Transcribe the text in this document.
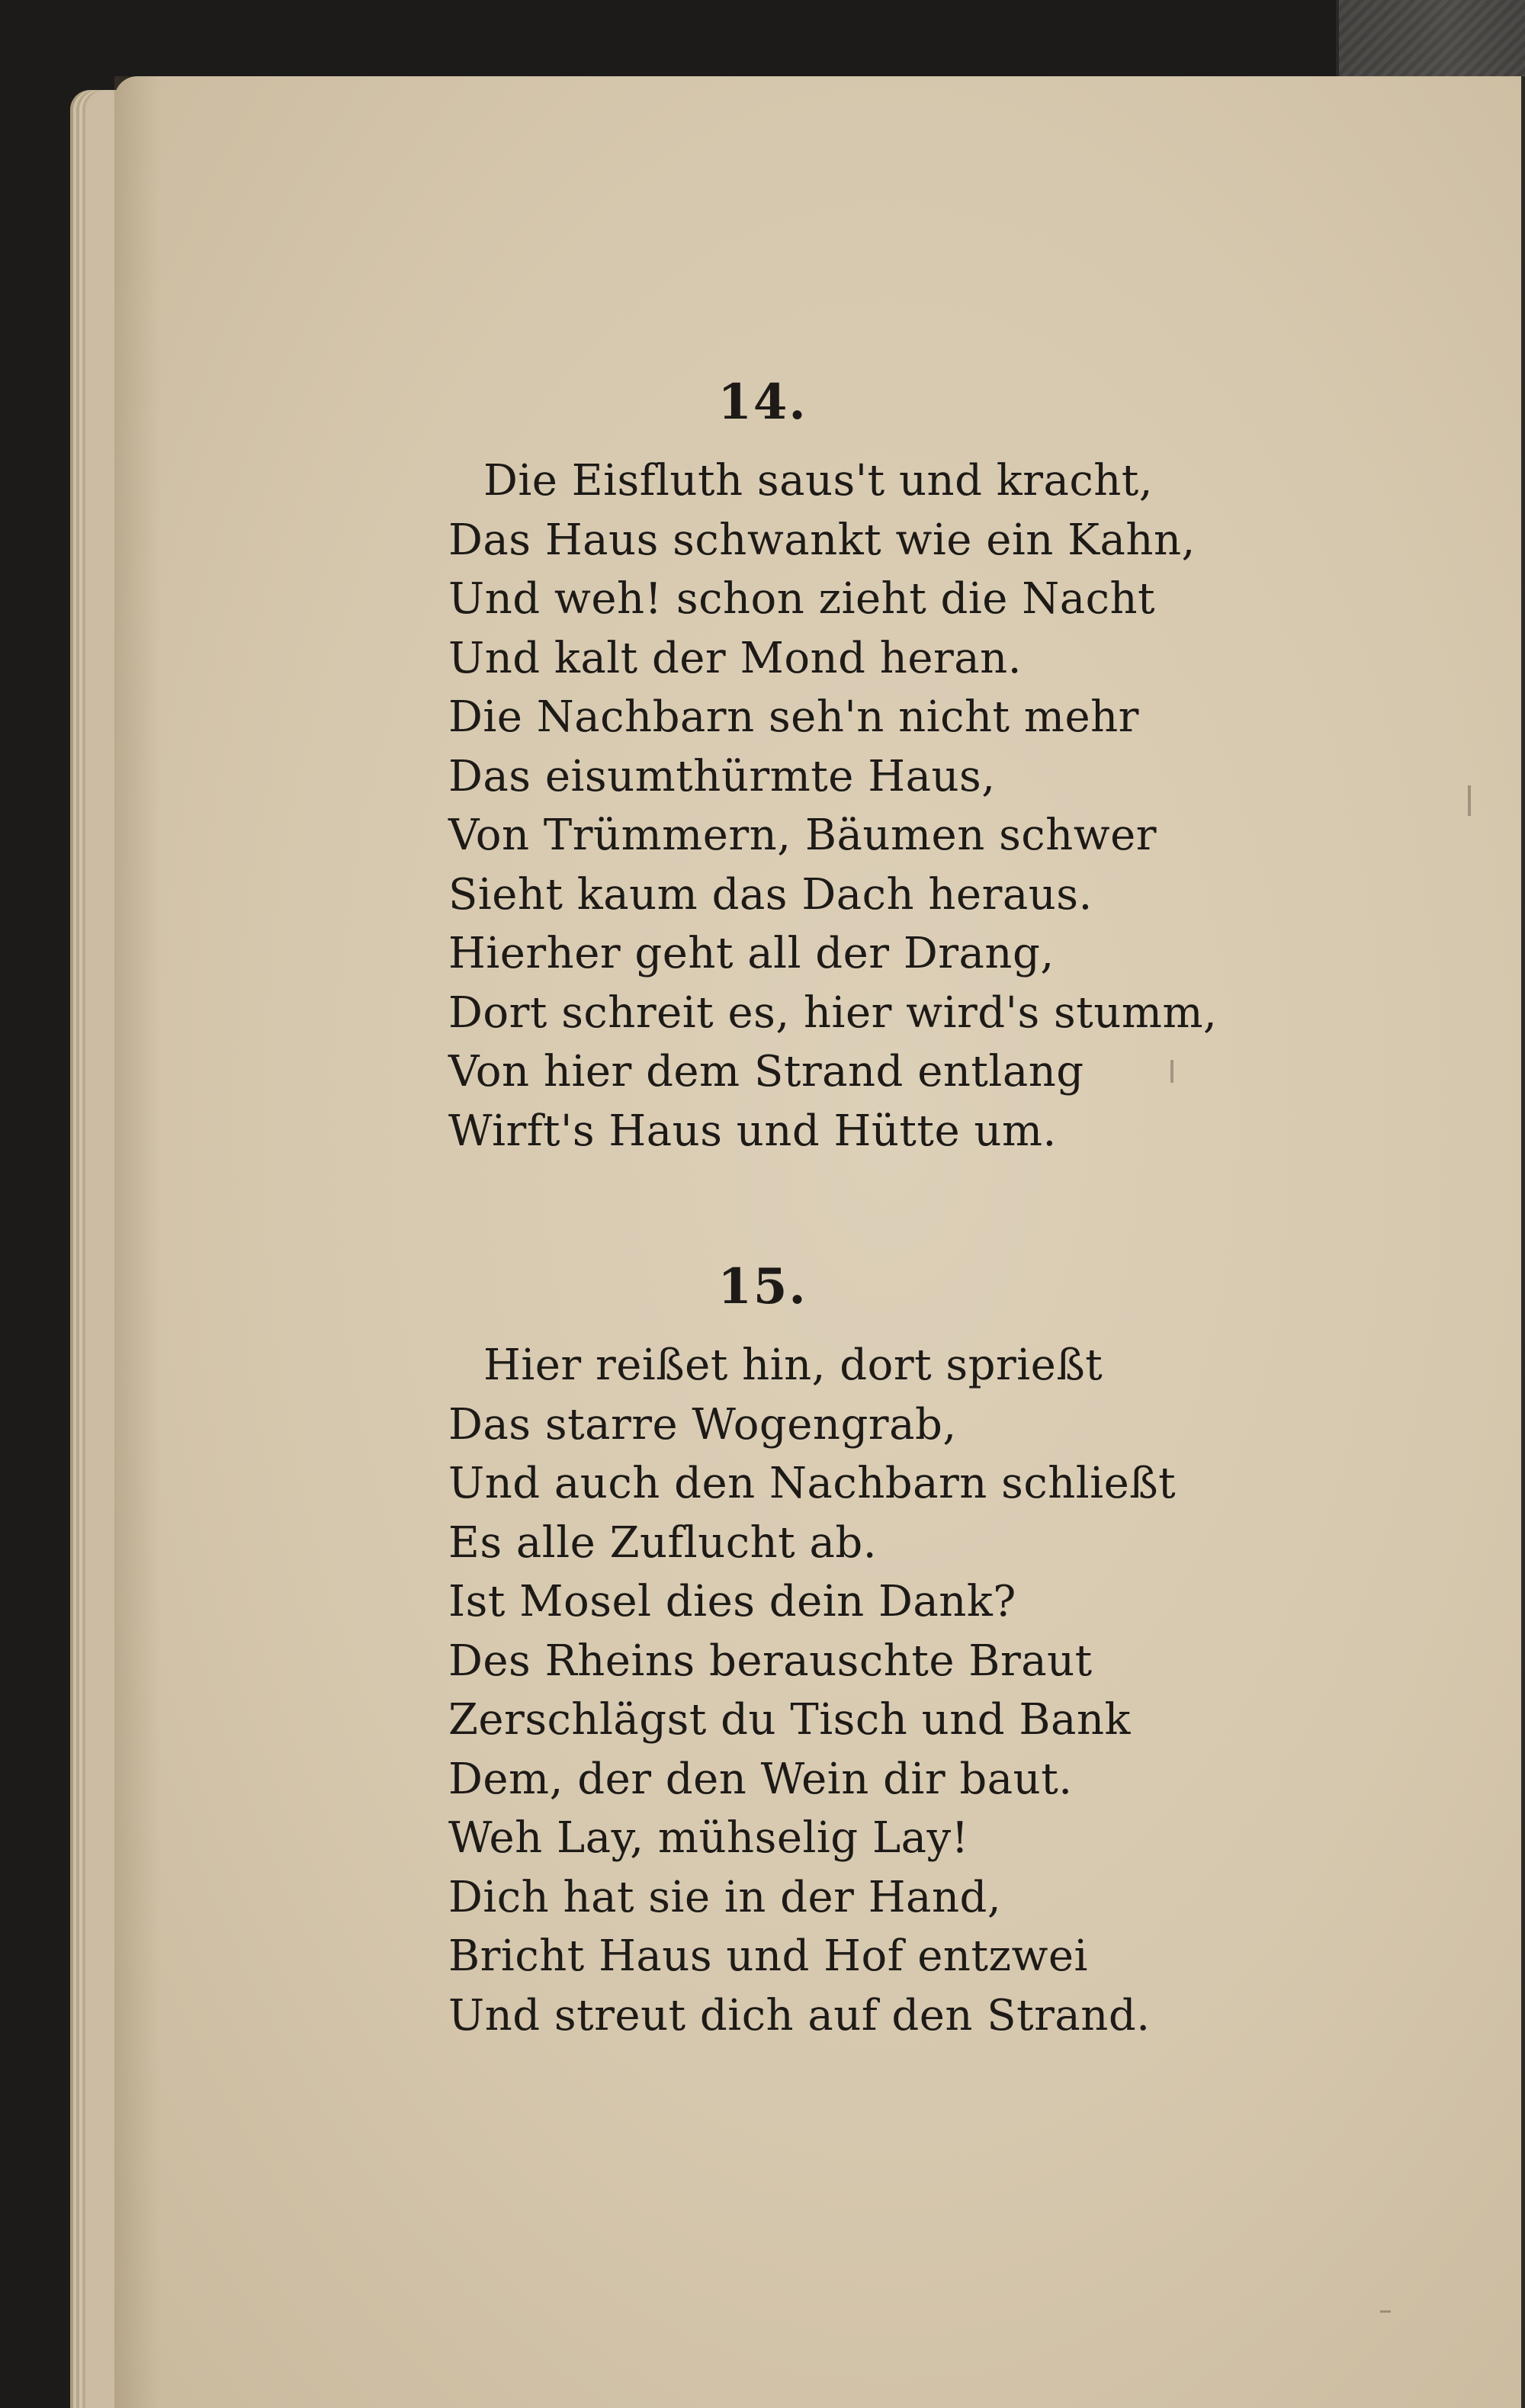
14.
Die Eisfluth saus't und kracht,
Das Haus schwankt wie ein Kahn,
Und weh! schon zieht die Nacht
Und kalt der Mond heran.
Die Nachbarn seh'n nicht mehr
Das eisumthürmte Haus,
Von Trümmern, Bäumen schwer
Sieht kaum das Dach heraus.
Hierher geht all der Drang,
Dort schreit es, hier wird's stumm,
Von hier dem Strand entlang
Wirft's Haus und Hütte um.
15.
Hier reißet hin, dort sprießt
Das starre Wogengrab,
Und auch den Nachbarn schließt
Es alle Zuflucht ab.
Ist Mosel dies dein Dank?
Des Rheins berauschte Braut
Zerschlägst du Tisch und Bank
Dem, der den Wein dir baut.
Weh Lay, mühselig Lay!
Dich hat sie in der Hand,
Bricht Haus und Hof entzwei
Und streut dich auf den Strand.
